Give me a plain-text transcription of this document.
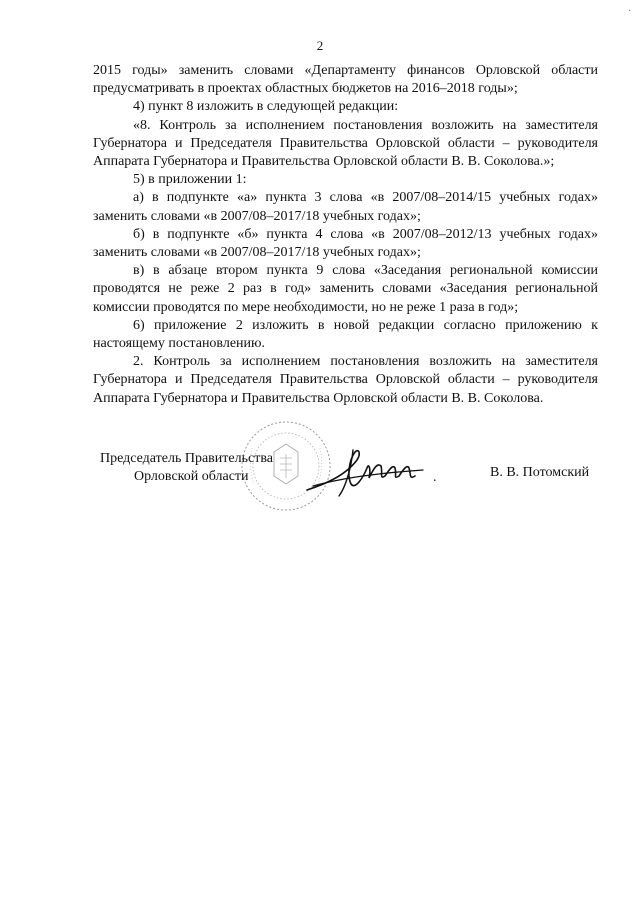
·
2

2015 годы» заменить словами «Департаменту финансов Орловской области предусматривать в проектах областных бюджетов на 2016–2018 годы»;

4) пункт 8 изложить в следующей редакции:

«8. Контроль за исполнением постановления возложить на заместителя Губернатора и Председателя Правительства Орловской области – руководителя Аппарата Губернатора и Правительства Орловской области В. В. Соколова.»;

5) в приложении 1:

а) в подпункте «а» пункта 3 слова «в 2007/08–2014/15 учебных годах» заменить словами «в 2007/08–2017/18 учебных годах»;

б) в подпункте «б» пункта 4 слова «в 2007/08–2012/13 учебных годах» заменить словами «в 2007/08–2017/18 учебных годах»;

в) в абзаце втором пункта 9 слова «Заседания региональной комиссии проводятся не реже 2 раз в год» заменить словами «Заседания региональной комиссии проводятся по мере необходимости, но не реже 1 раза в год»;

6) приложение 2 изложить в новой редакции согласно приложению к настоящему постановлению.

2. Контроль за исполнением постановления возложить на заместителя Губернатора и Председателя Правительства Орловской области – руководителя Аппарата Губернатора и Правительства Орловской области В. В. Соколова.

Председатель Правительства
Орловской области	.	В. В. Потомский
